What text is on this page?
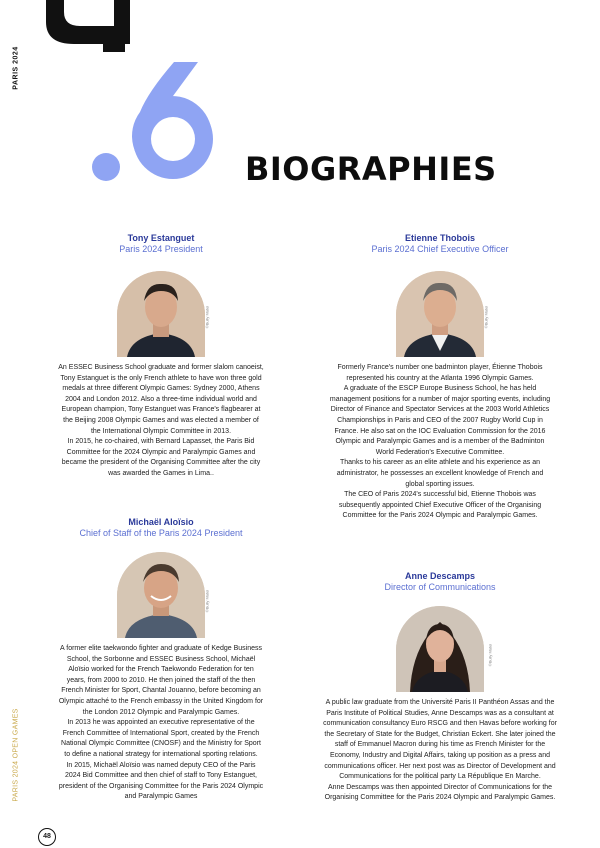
PARIS 2024
BIOGRAPHIES
Tony Estanguet
Paris 2024 President
©Bully Matei
An ESSEC Business School graduate and former slalom canoeist, Tony Estanguet is the only French athlete to have won three gold medals at three different Olympic Games: Sydney 2000, Athens 2004 and London 2012. Also a three-time individual world and European champion, Tony Estanguet was France's flagbearer at the Beijing 2008 Olympic Games and was elected a member of the International Olympic Committee in 2013.
In 2015, he co-chaired, with Bernard Lapasset, the Paris Bid Committee for the 2024 Olympic and Paralympic Games and became the president of the Organising Committee after the city was awarded the Games in Lima..
Etienne Thobois
Paris 2024 Chief Executive Officer
©Bully Matei
Formerly France's number one badminton player, Étienne Thobois represented his country at the Atlanta 1996 Olympic Games.
A graduate of the ESCP Europe Business School, he has held management positions for a number of major sporting events, including Director of Finance and Spectator Services at the 2003 World Athletics Championships in Paris and CEO of the 2007 Rugby World Cup in France. He also sat on the IOC Evaluation Commission for the 2016 Olympic and Paralympic Games and is a member of the Badminton World Federation's Executive Committee.
Thanks to his career as an elite athlete and his experience as an administrator, he possesses an excellent knowledge of French and global sporting issues.
The CEO of Paris 2024's successful bid, Etienne Thobois was subsequently appointed Chief Executive Officer of the Organising Committee for the Paris 2024 Olympic and Paralympic Games.
Michaël Aloïsio
Chief of Staff of the Paris 2024 President
©Bully Matei
A former elite taekwondo fighter and graduate of Kedge Business School, the Sorbonne and ESSEC Business School, Michaël Aloïsio worked for the French Taekwondo Federation for ten years, from 2000 to 2010. He then joined the staff of the then French Minister for Sport, Chantal Jouanno, before becoming an Olympic attaché to the French embassy in the United Kingdom for the London 2012 Olympic and Paralympic Games.
In 2013 he was appointed an executive representative of the French Committee of International Sport, created by the French National Olympic Committee (CNOSF) and the Ministry for Sport to define a national strategy for international sporting relations.
In 2015, Michaël Aloïsio was named deputy CEO of the Paris 2024 Bid Committee and then chief of staff to Tony Estanguet, president of the Organising Committee for the Paris 2024 Olympic and Paralympic Games
Anne Descamps
Director of Communications
©Bully Matei
A public law graduate from the Université Paris II Panthéon Assas and the Paris Institute of Political Studies, Anne Descamps was as a consultant at communication consultancy Euro RSCG and then Havas before working for the Secretary of State for the Budget, Christian Eckert. She later joined the staff of Emmanuel Macron during his time as French Minister for the Economy, Industry and Digital Affairs, taking up position as a press and communications officer. Her next post was as Director of Development and Communications for the political party La République En Marche.
Anne Descamps was then appointed Director of Communications for the Organising Committee for the Paris 2024 Olympic and Paralympic Games.
PARIS 2024 OPEN GAMES
48
